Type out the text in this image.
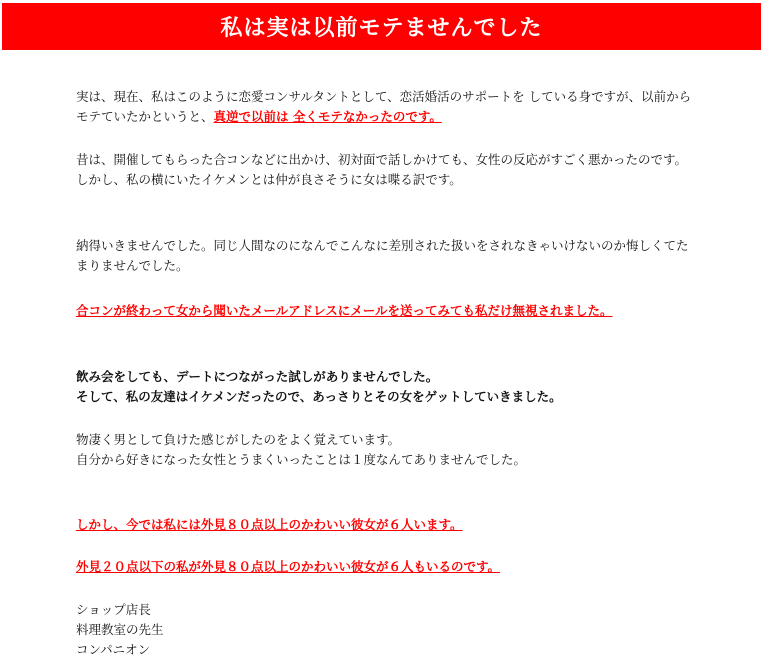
私は実は以前モテませんでした

実は、現在、私はこのように恋愛コンサルタントとして、恋活婚活のサポートを している身ですが、以前からモテていたかというと、真逆で以前は 全くモテなかったのです。

昔は、開催してもらった合コンなどに出かけ、初対面で話しかけても、女性の反応がすごく悪かったのです。
しかし、私の横にいたイケメンとは仲が良さそうに女は喋る訳です。

納得いきませんでした。同じ人間なのになんでこんなに差別された扱いをされなきゃいけないのか悔しくてたまりませんでした。

合コンが終わって女から聞いたメールアドレスにメールを送ってみても私だけ無視されました。

飲み会をしても、デートにつながった試しがありませんでした。
そして、私の友達はイケメンだったので、あっさりとその女をゲットしていきました。

物凄く男として負けた感じがしたのをよく覚えています。
自分から好きになった女性とうまくいったことは１度なんてありませんでした。

しかし、今では私には外見８０点以上のかわいい彼女が６人います。

外見２０点以下の私が外見８０点以上のかわいい彼女が６人もいるのです。

ショップ店長
料理教室の先生
コンパニオン
